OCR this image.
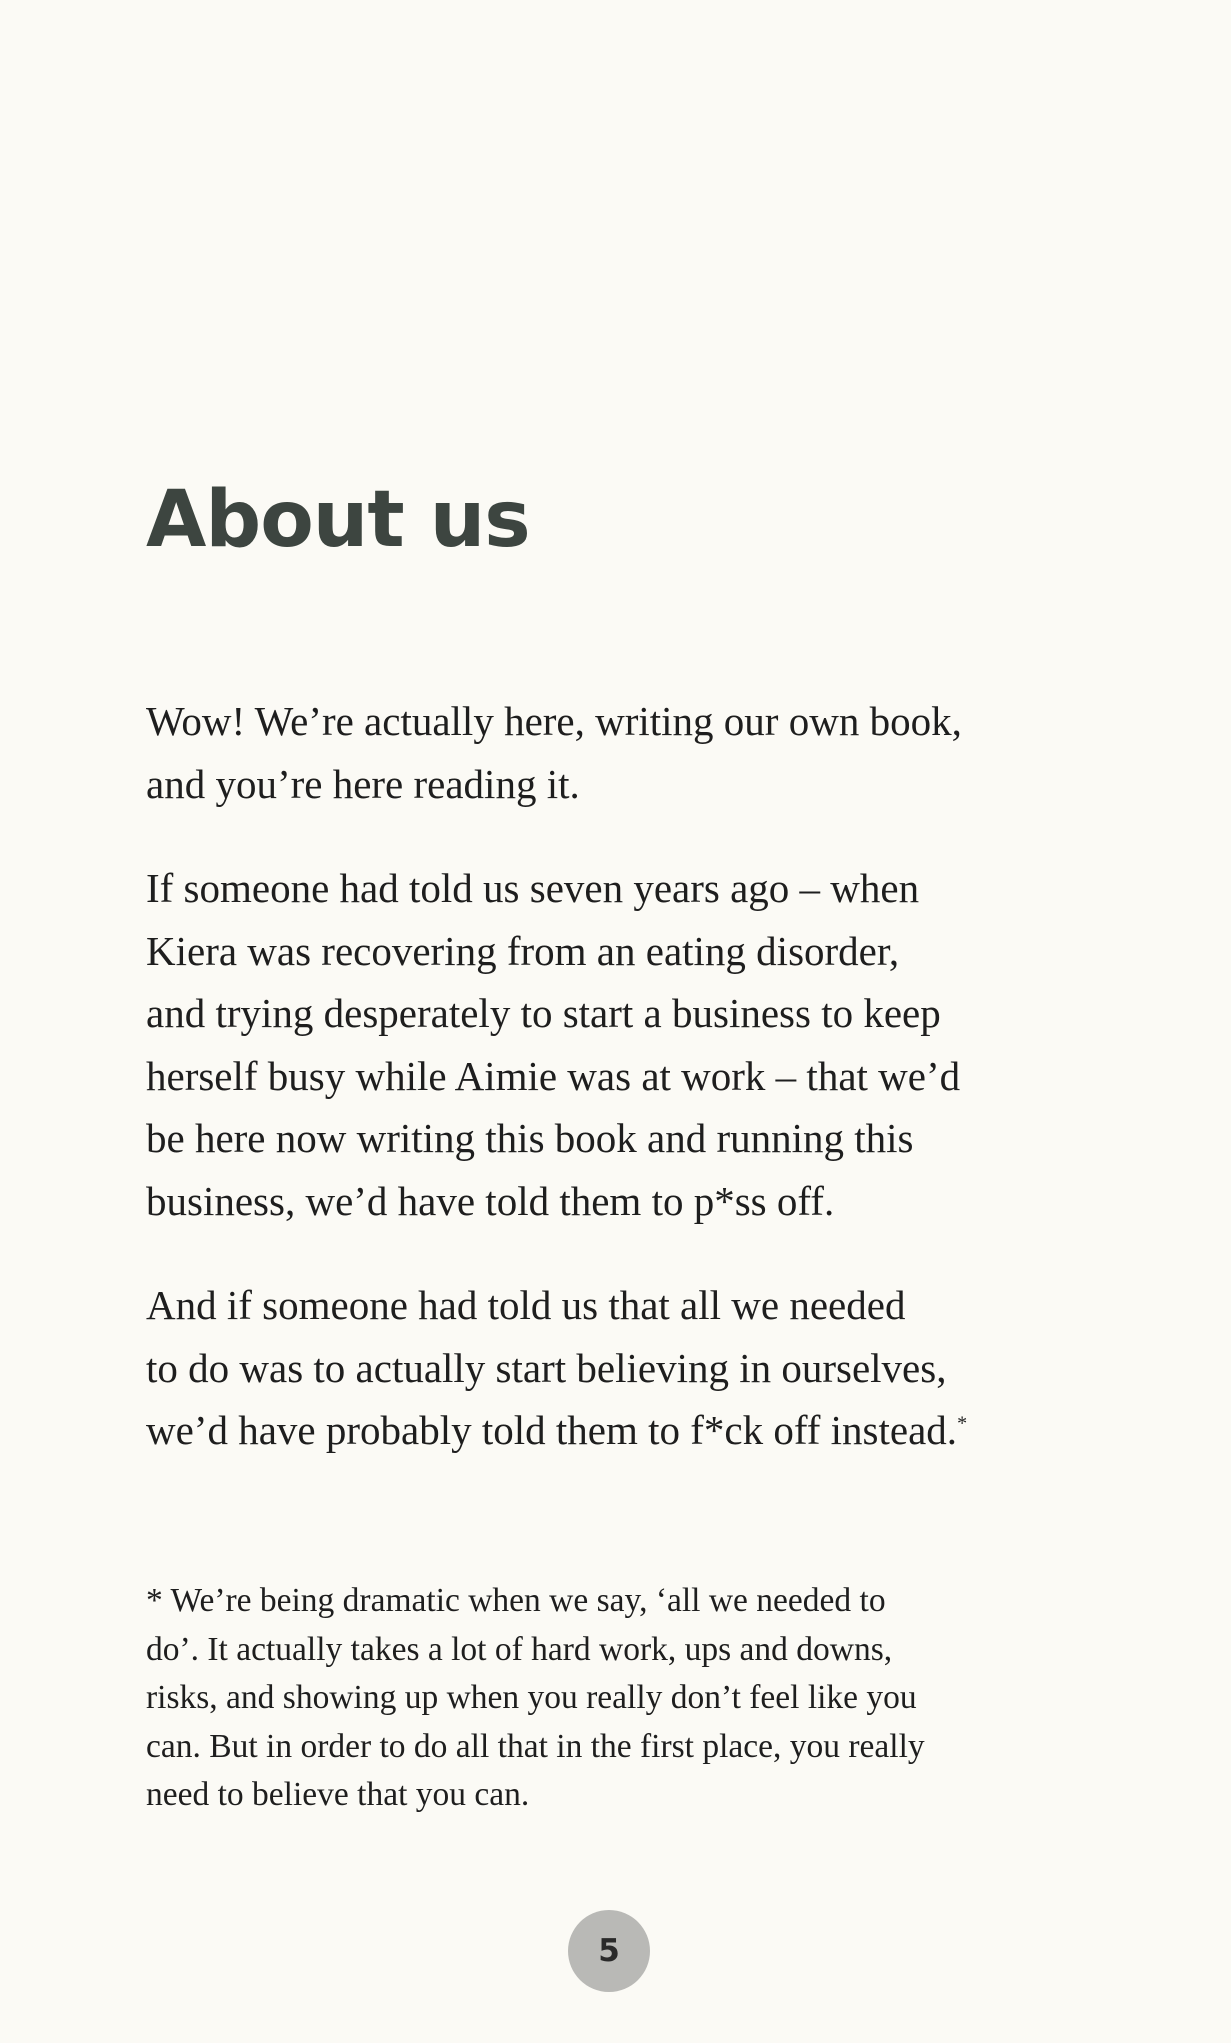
About us

Wow! We’re actually here, writing our own book,
and you’re here reading it.

If someone had told us seven years ago – when
Kiera was recovering from an eating disorder,
and trying desperately to start a business to keep
herself busy while Aimie was at work – that we’d
be here now writing this book and running this
business, we’d have told them to p*ss off.

And if someone had told us that all we needed
to do was to actually start believing in ourselves,
we’d have probably told them to f*ck off instead.*

* We’re being dramatic when we say, ‘all we needed to
do’. It actually takes a lot of hard work, ups and downs,
risks, and showing up when you really don’t feel like you
can. But in order to do all that in the first place, you really
need to believe that you can.

5
